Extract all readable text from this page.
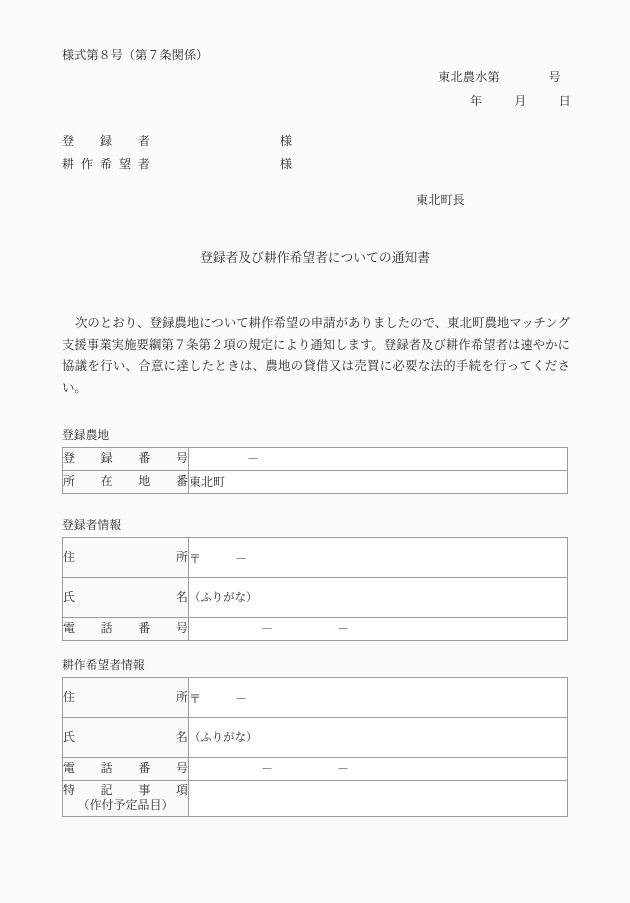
様式第８号（第７条関係）
東北農水第	号
年	月	日
登録者	様
耕作希望者	様
東北町長
登録者及び耕作希望者についての通知書

次のとおり、登録農地について耕作希望の申請がありましたので、東北町農地マッチング支援事業実施要綱第７条第２項の規定により通知します。登録者及び耕作希望者は速やかに協議を行い、合意に達したときは、農地の貸借又は売買に必要な法的手続を行ってください。

登録農地
登録番号	－

所在地番	東北町
登録者情報
住所	〒 －

氏名	（ふりがな）

電話番号	－ －
耕作希望者情報
住所	〒 －

氏名	（ふりがな）

電話番号	－ －

特記事項
（作付予定品目）	
